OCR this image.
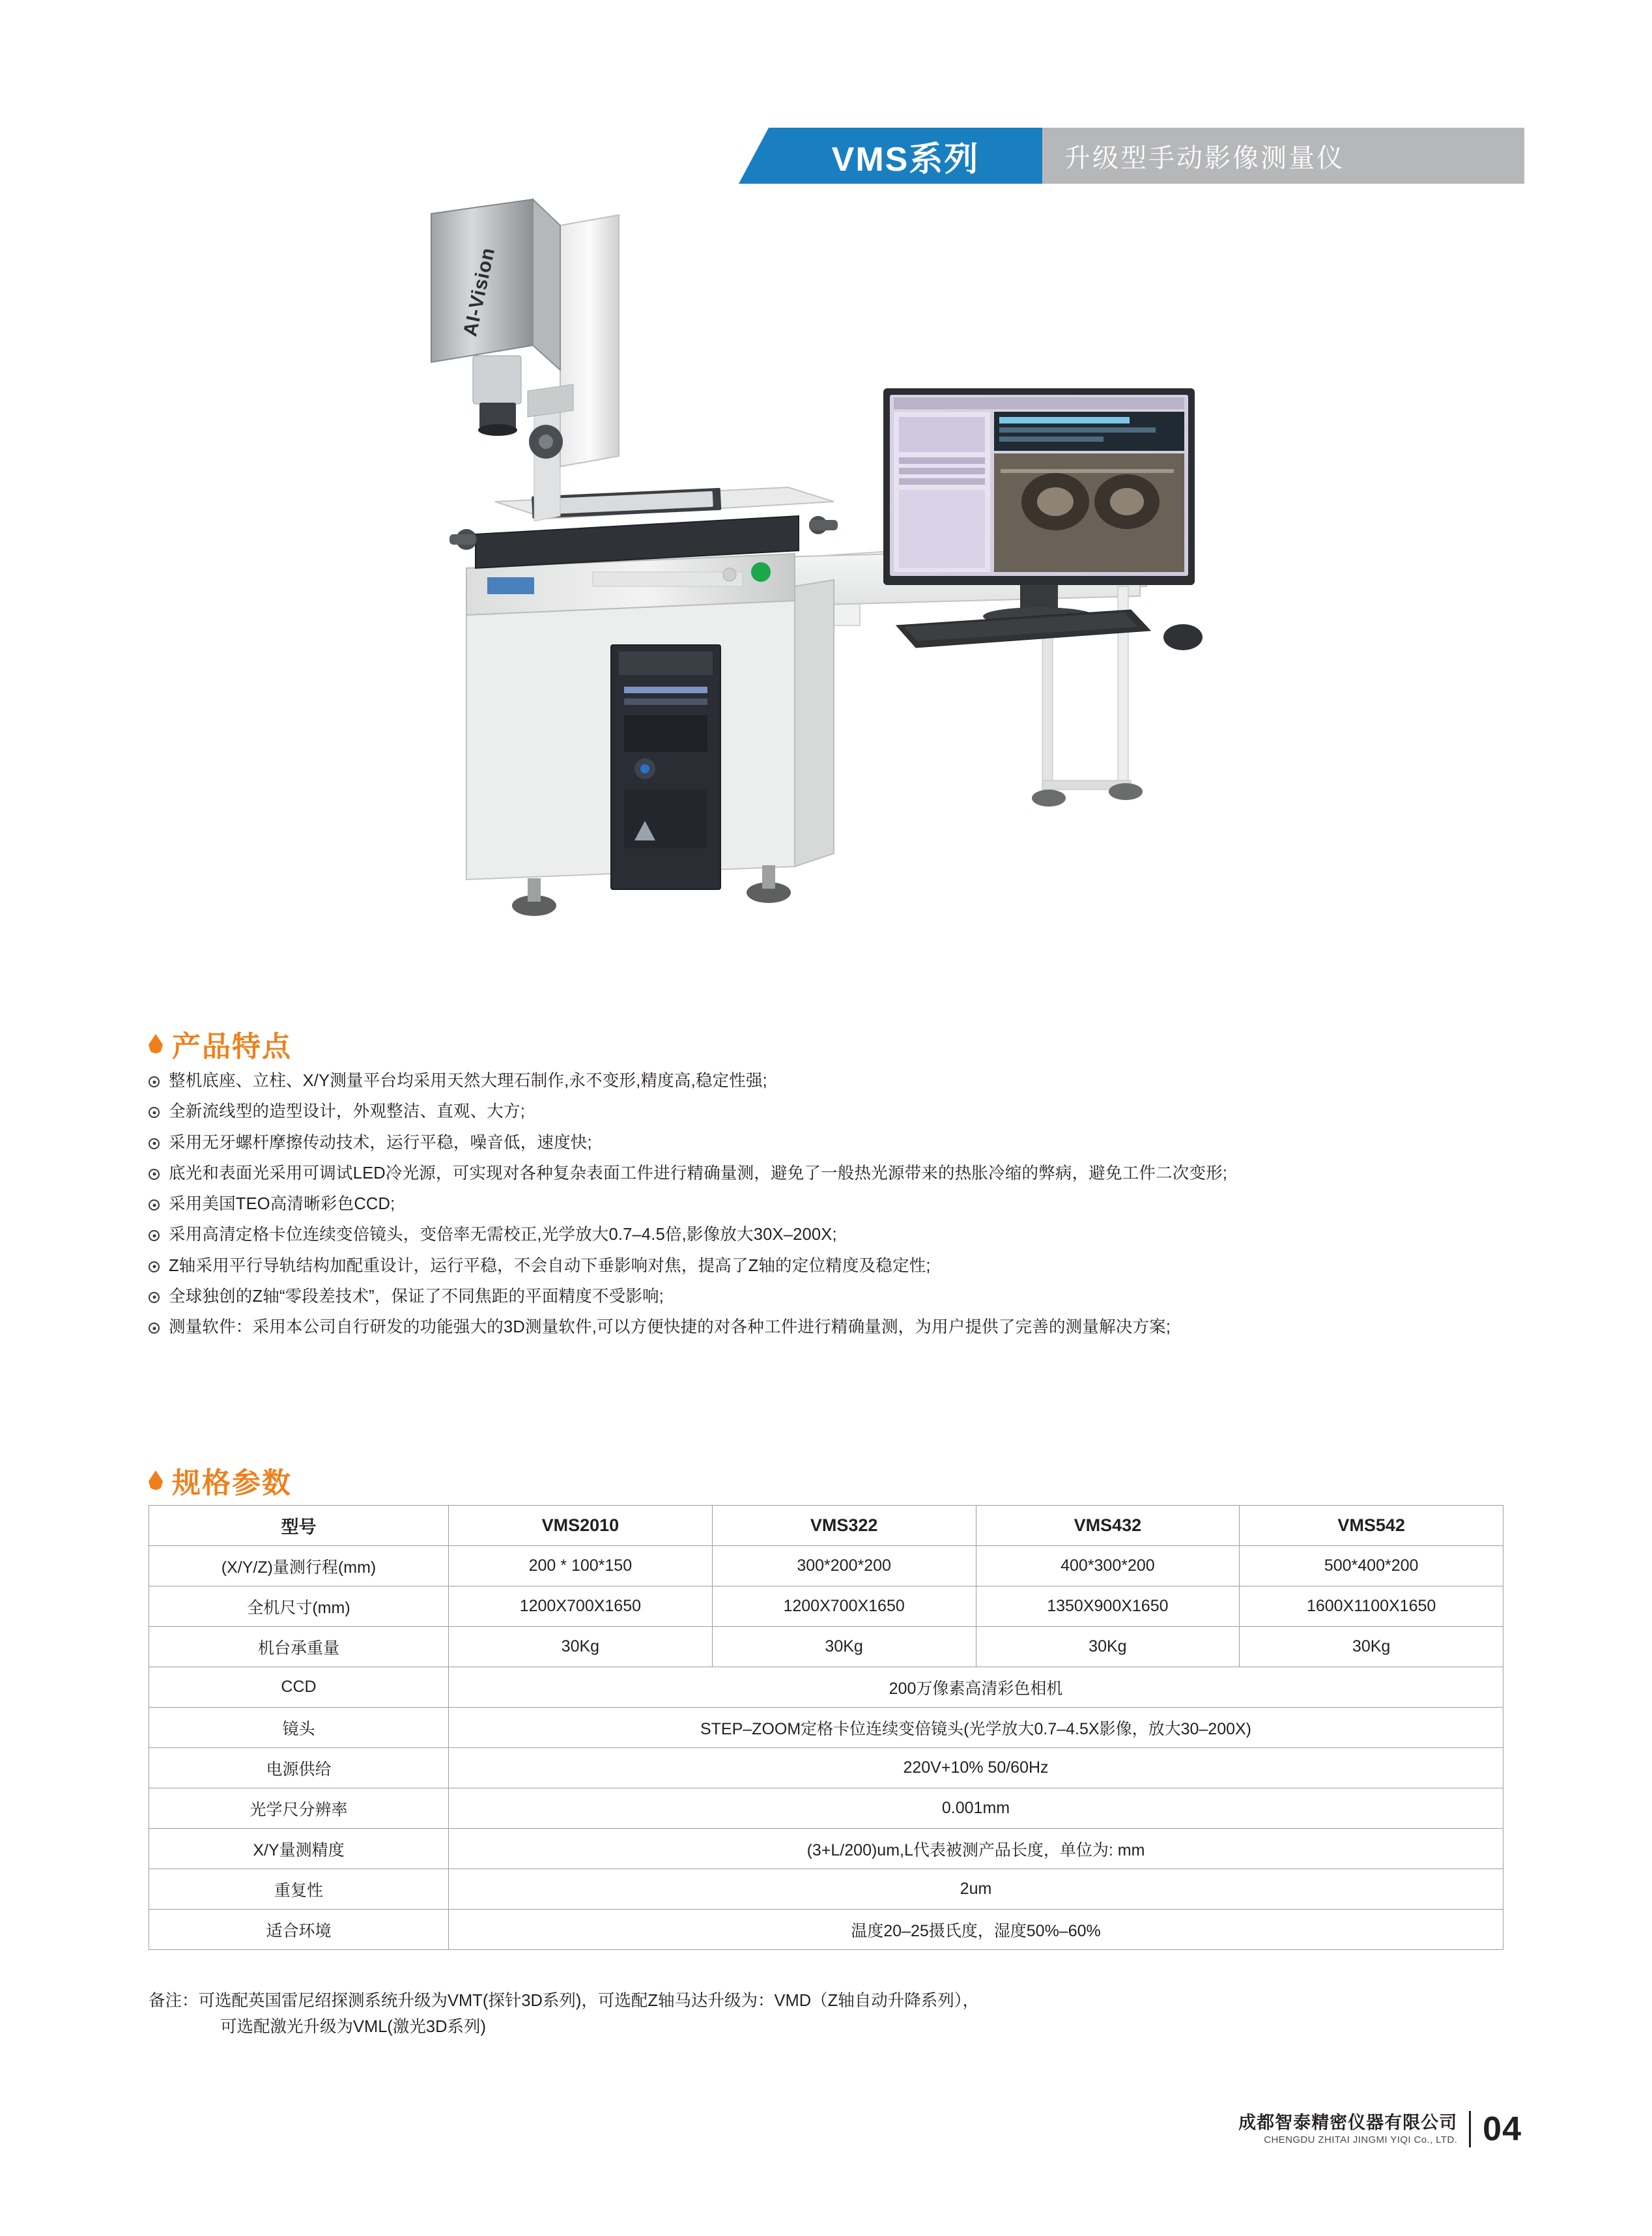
VMS系列	升级型手动影像测量仪
AI-Vision
产品特点
整机底座、立柱、X/Y测量平台均采用天然大理石制作,永不变形,精度高,稳定性强;
全新流线型的造型设计，外观整洁、直观、大方;
采用无牙螺杆摩擦传动技术，运行平稳，噪音低，速度快;
底光和表面光采用可调试LED冷光源，可实现对各种复杂表面工件进行精确量测，避免了一般热光源带来的热胀冷缩的弊病，避免工件二次变形;
采用美国TEO高清晰彩色CCD;
采用高清定格卡位连续变倍镜头，变倍率无需校正,光学放大0.7–4.5倍,影像放大30X–200X;
Z轴采用平行导轨结构加配重设计，运行平稳，不会自动下垂影响对焦，提高了Z轴的定位精度及稳定性;
全球独创的Z轴“零段差技术”，保证了不同焦距的平面精度不受影响;
测量软件：采用本公司自行研发的功能强大的3D测量软件,可以方便快捷的对各种工件进行精确量测，为用户提供了完善的测量解决方案;
规格参数
型号	VMS2010	VMS322	VMS432	VMS542
(X/Y/Z)量测行程(mm)	200 * 100*150	300*200*200	400*300*200	500*400*200
全机尺寸(mm)	1200X700X1650	1200X700X1650	1350X900X1650	1600X1100X1650
机台承重量	30Kg	30Kg	30Kg	30Kg
CCD	200万像素高清彩色相机			
镜头	STEP–ZOOM定格卡位连续变倍镜头(光学放大0.7–4.5X影像，放大30–200X)			
电源供给	220V+10% 50/60Hz			
光学尺分辨率	0.001mm			
X/Y量测精度	(3+L/200)um,L代表被测产品长度，单位为: mm			
重复性	2um			
适合环境	温度20–25摄氏度，湿度50%–60%			
备注：可选配英国雷尼绍探测系统升级为VMT(探针3D系列)，可选配Z轴马达升级为：VMD（Z轴自动升降系列），
可选配激光升级为VML(激光3D系列)
成都智泰精密仪器有限公司
CHENGDU ZHITAI JINGMI YIQI Co., LTD. 04
